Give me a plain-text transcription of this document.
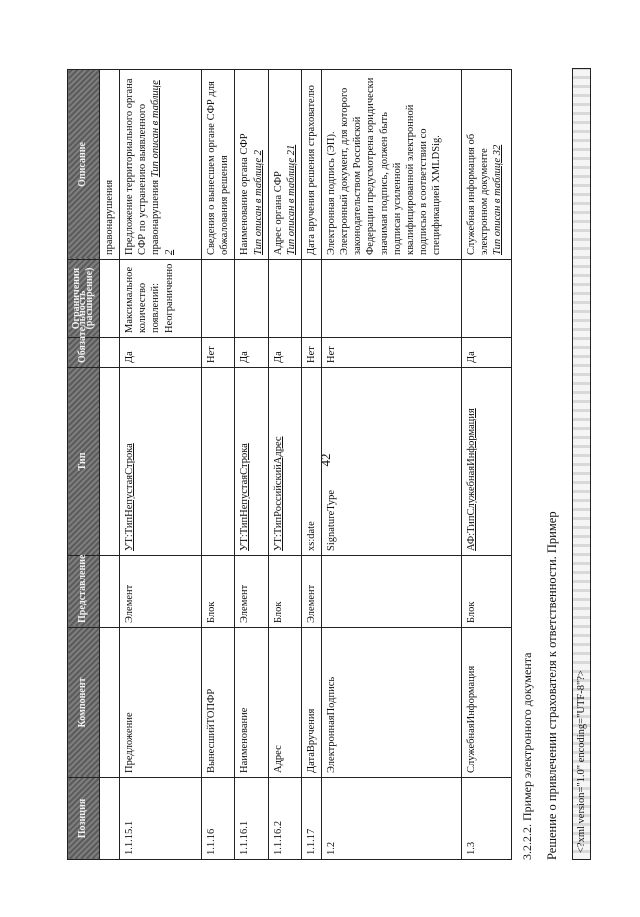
42
Позиция	Компонент	Представление	Тип		Ограничения (расширение)	Описание
						правонарушения
1.1.15.1	Предложение	Элемент	УТ:ТипНепустаяСтрока	Да	Максимальное количество появлений: Неограниченно	Предложение территориального органа СФР по устранению выявленного правонарушения Тип описан в таблице 2
1.1.16	ВынесшийТОПФР	Блок		Нет		Сведения о вынесшем органе СФР для обжалования решения
1.1.16.1	Наименование	Элемент	УТ:ТипНепустаяСтрока	Да		Наименование органа СФР Тип описан в таблице 2
1.1.16.2	Адрес	Блок	УТ:ТипРоссийскийАдрес	Да		Адрес органа СФР Тип описан в таблице 21
1.1.17	ДатаВручения	Элемент	xs:date	Нет		Дата вручения решения страхователю
1.2	ЭлектроннаяПодпись		SignatureType	Нет		Электронная подпись (ЭП). Электронный документ, для которого законодательством Российской Федерации предусмотрена юридически значимая подпись, должен быть подписан усиленной квалифицированной электронной подписью в соответствии со спецификацией XMLDSig.
1.3	СлужебнаяИнформация	Блок	АФ:ТипСлужебнаяИнформация	Да		Служебная информация об электронном документе Тип описан в таблице 32
3.2.2.2. Пример электронного документа Решение о привлечении страхователя к ответственности. Пример	<?xml version="1.0" encoding="UTF-8"?>
